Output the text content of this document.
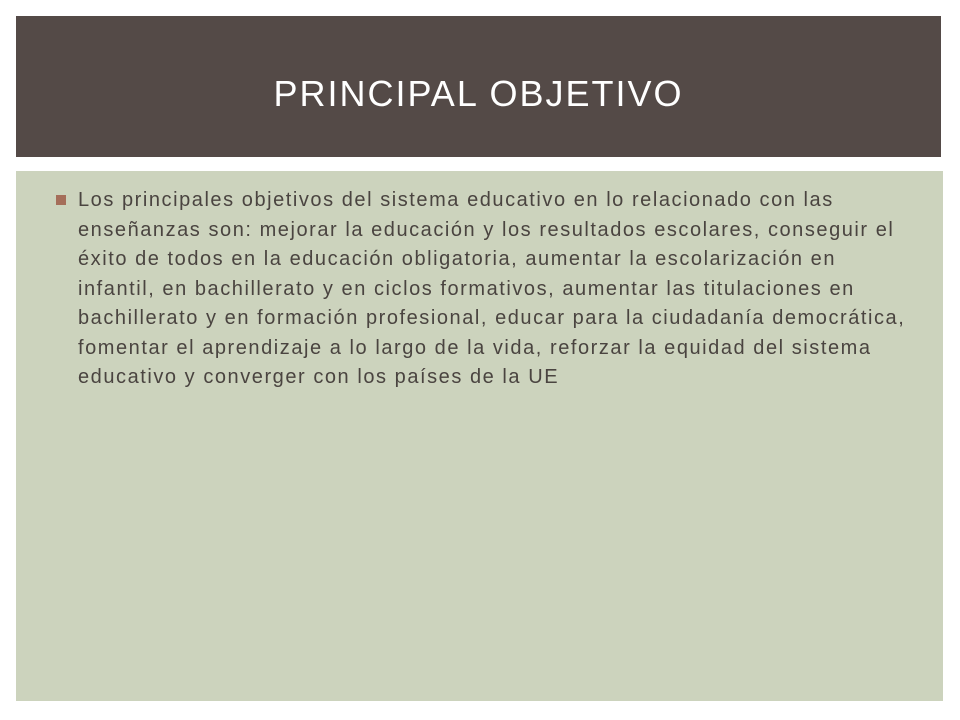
PRINCIPAL OBJETIVO
Los principales objetivos del sistema educativo en lo relacionado con las enseñanzas son: mejorar la educación y los resultados escolares, conseguir el éxito de todos en la educación obligatoria, aumentar la escolarización en infantil, en bachillerato y en ciclos formativos, aumentar las titulaciones en bachillerato y en formación profesional, educar para la ciudadanía democrática, fomentar el aprendizaje a lo largo de la vida, reforzar la equidad del sistema educativo y converger con los países de la UE
